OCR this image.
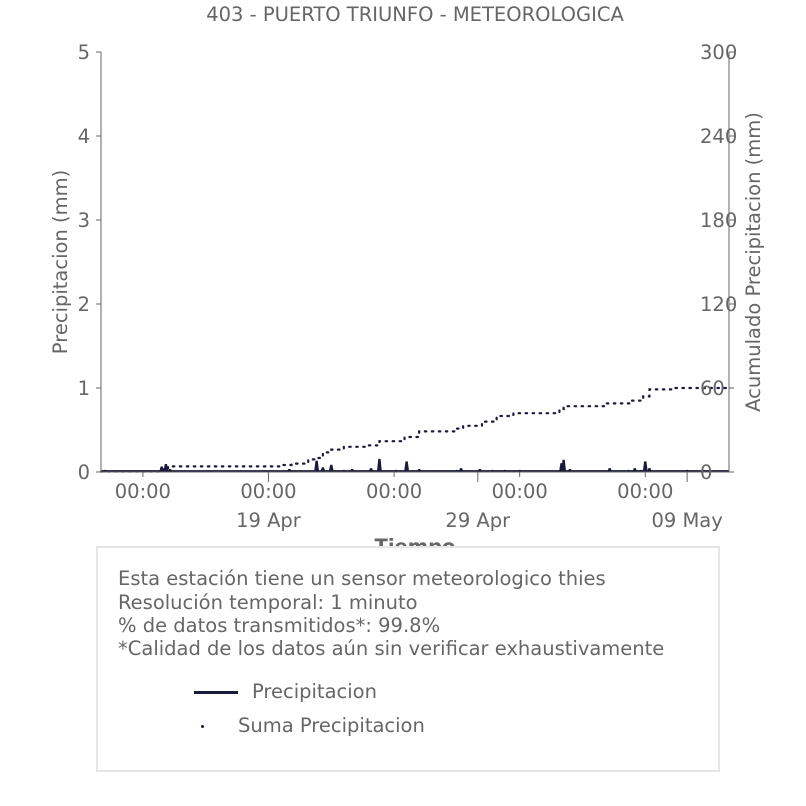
403 - PUERTO TRIUNFO - METEOROLOGICA
0
1
2
3
4
5
0
60
120
180
240
300
00:00	00:00	00:00	00:00	00:00
19 Apr	29 Apr	09 May
Precipitacion (mm)	Acumulado Precipitacion (mm)
Esta estación tiene un sensor meteorologico thies
Resolución temporal: 1 minuto
% de datos transmitidos*: 99.8%
*Calidad de los datos aún sin verificar exhaustivamente
Precipitacion
Suma Precipitacion
